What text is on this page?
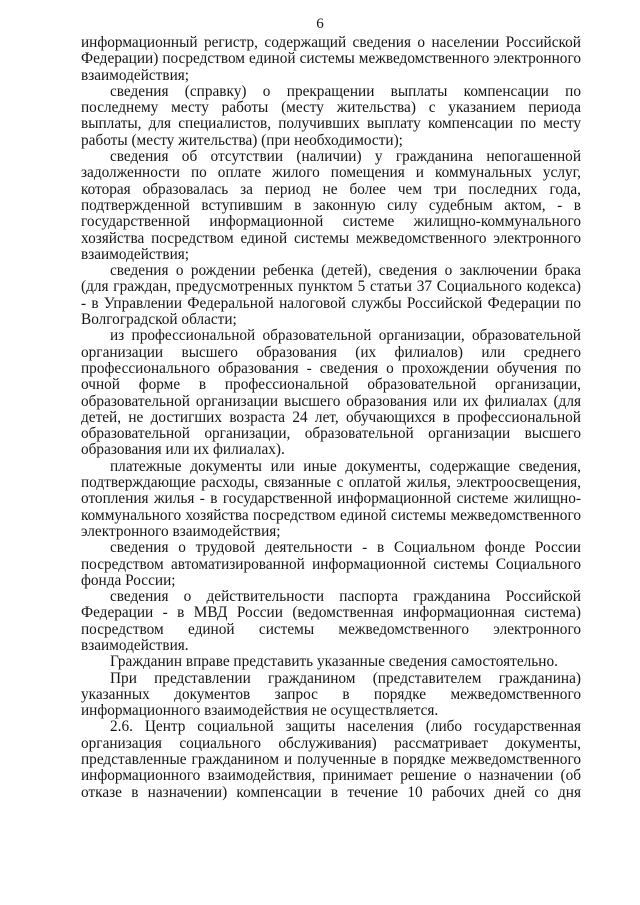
6

информационный регистр, содержащий сведения о населении Российской Федерации) посредством единой системы межведомственного электронного взаимодействия;

сведения (справку) о прекращении выплаты компенсации по последнему месту работы (месту жительства) с указанием периода выплаты, для специалистов, получивших выплату компенсации по месту работы (месту жительства) (при необходимости);

сведения об отсутствии (наличии) у гражданина непогашенной задолженности по оплате жилого помещения и коммунальных услуг, которая образовалась за период не более чем три последних года, подтвержденной вступившим в законную силу судебным актом, - в государственной информационной системе жилищно-коммунального хозяйства посредством единой системы межведомственного электронного взаимодействия;

сведения о рождении ребенка (детей), сведения о заключении брака (для граждан, предусмотренных пунктом 5 статьи 37 Социального кодекса) - в Управлении Федеральной налоговой службы Российской Федерации по Волгоградской области;

из профессиональной образовательной организации, образовательной организации высшего образования (их филиалов) или среднего профессионального образования - сведения о прохождении обучения по очной форме в профессиональной образовательной организации, образовательной организации высшего образования или их филиалах (для детей, не достигших возраста 24 лет, обучающихся в профессиональной образовательной организации, образовательной организации высшего образования или их филиалах).

платежные документы или иные документы, содержащие сведения, подтверждающие расходы, связанные с оплатой жилья, электроосвещения, отопления жилья - в государственной информационной системе жилищно-коммунального хозяйства посредством единой системы межведомственного электронного взаимодействия;

сведения о трудовой деятельности - в Социальном фонде России посредством автоматизированной информационной системы Социального фонда России;

сведения о действительности паспорта гражданина Российской Федерации - в МВД России (ведомственная информационная система) посредством единой системы межведомственного электронного взаимодействия.

Гражданин вправе представить указанные сведения самостоятельно.

При представлении гражданином (представителем гражданина) указанных документов запрос в порядке межведомственного информационного взаимодействия не осуществляется.

2.6. Центр социальной защиты населения (либо государственная организация социального обслуживания) рассматривает документы, представленные гражданином и полученные в порядке межведомственного информационного взаимодействия, принимает решение о назначении (об отказе в назначении) компенсации в течение 10 рабочих дней со дня
